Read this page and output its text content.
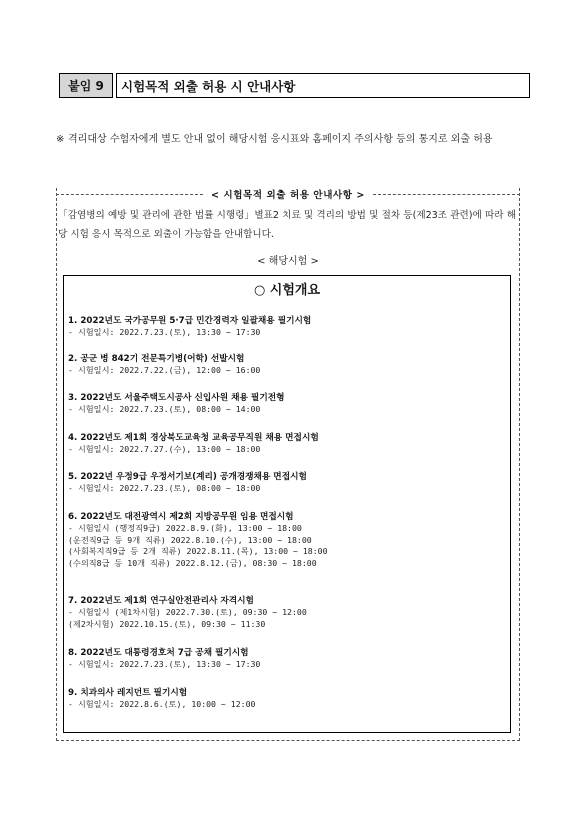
붙임 9	시험목적 외출 허용 시 안내사항
※ 격리대상 수험자에게 별도 안내 없이 해당시험 응시표와 홈페이지 주의사항 등의 통지로 외출 허용
< 시험목적 외출 허용 안내사항 >
「감염병의 예방 및 관리에 관한 법률 시행령」별표2 치료 및 격리의 방법 및 절차 등(제23조 관련)에 따라 해당 시험 응시 목적으로 외출이 가능함을 안내합니다.
< 해당시험 >
○ 시험개요
1. 2022년도 국가공무원 5·7급 민간경력자 일괄채용 필기시험
- 시험일시: 2022.7.23.(토), 13:30 ~ 17:30
2. 공군 병 842기 전문특기병(어학) 선발시험
- 시험일시: 2022.7.22.(금), 12:00 ~ 16:00
3. 2022년도 서울주택도시공사 신입사원 채용 필기전형
- 시험일시: 2022.7.23.(토), 08:00 ~ 14:00
4. 2022년도 제1회 경상북도교육청 교육공무직원 채용 면접시험
- 시험일시: 2022.7.27.(수), 13:00 ~ 18:00
5. 2022년 우정9급 우정서기보(계리) 공개경쟁채용 면접시험
- 시험일시: 2022.7.23.(토), 08:00 ~ 18:00
6. 2022년도 대전광역시 제2회 지방공무원 임용 면접시험
- 시험일시 (행정직9급) 2022.8.9.(화), 13:00 ~ 18:00
(운전직9급 등 9개 직류) 2022.8.10.(수), 13:00 ~ 18:00
(사회복지직9급 등 2개 직류) 2022.8.11.(목), 13:00 ~ 18:00
(수의직8급 등 10개 직류) 2022.8.12.(금), 08:30 ~ 18:00
7. 2022년도 제1회 연구실안전관리사 자격시험
- 시험일시 (제1차시험) 2022.7.30.(토), 09:30 ~ 12:00
(제2차시험) 2022.10.15.(토), 09:30 ~ 11:30
8. 2022년도 대통령경호처 7급 공채 필기시험
- 시험일시: 2022.7.23.(토), 13:30 ~ 17:30
9. 치과의사 레지던트 필기시험
- 시험일시: 2022.8.6.(토), 10:00 ~ 12:00
